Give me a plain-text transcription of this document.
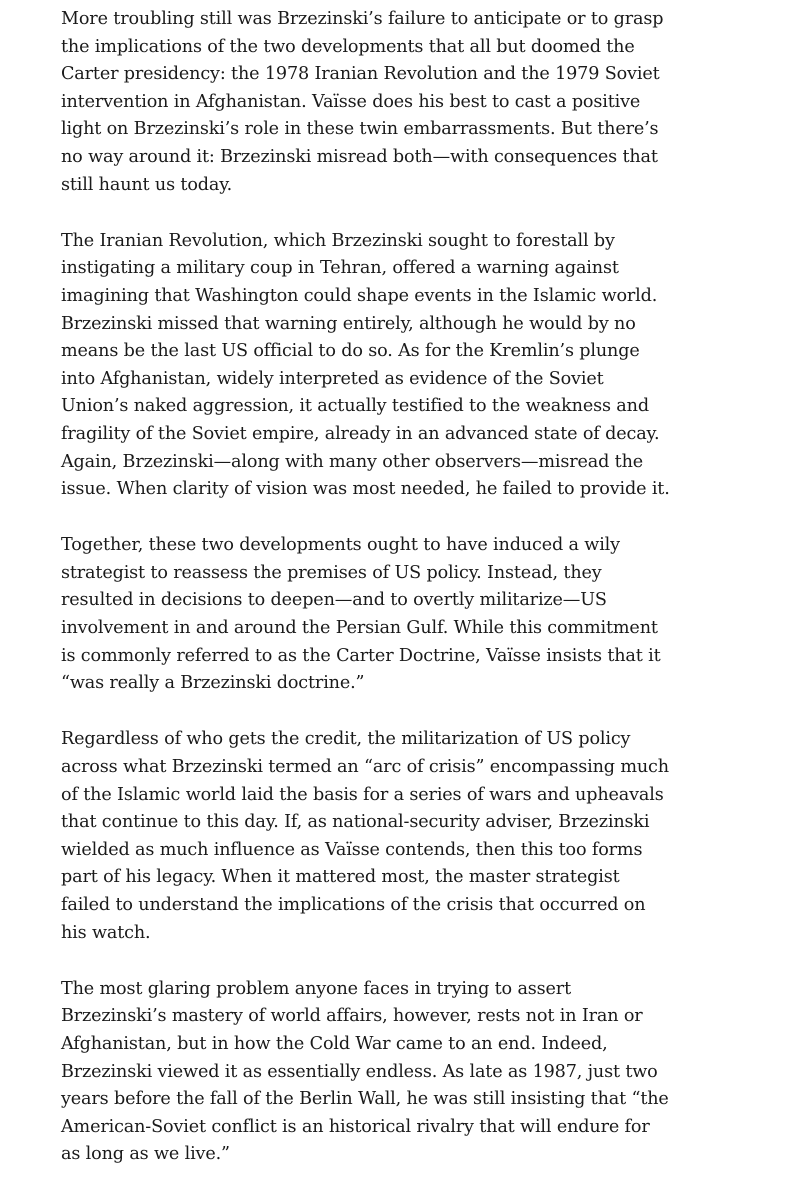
More troubling still was Brzezinski’s failure to anticipate or to grasp the implications of the two developments that all but doomed the Carter presidency: the 1978 Iranian Revolution and the 1979 Soviet intervention in Afghanistan. Vaïsse does his best to cast a positive light on Brzezinski’s role in these twin embarrassments. But there’s no way around it: Brzezinski misread both—with consequences that still haunt us today.

The Iranian Revolution, which Brzezinski sought to forestall by instigating a military coup in Tehran, offered a warning against imagining that Washington could shape events in the Islamic world. Brzezinski missed that warning entirely, although he would by no means be the last US official to do so. As for the Kremlin’s plunge into Afghanistan, widely interpreted as evidence of the Soviet Union’s naked aggression, it actually testified to the weakness and fragility of the Soviet empire, already in an advanced state of decay. Again, Brzezinski—along with many other observers—misread the issue. When clarity of vision was most needed, he failed to provide it.

Together, these two developments ought to have induced a wily strategist to reassess the premises of US policy. Instead, they resulted in decisions to deepen—and to overtly militarize—US involvement in and around the Persian Gulf. While this commitment is commonly referred to as the Carter Doctrine, Vaïsse insists that it “was really a Brzezinski doctrine.”

Regardless of who gets the credit, the militarization of US policy across what Brzezinski termed an “arc of crisis” encompassing much of the Islamic world laid the basis for a series of wars and upheavals that continue to this day. If, as national-security adviser, Brzezinski wielded as much influence as Vaïsse contends, then this too forms part of his legacy. When it mattered most, the master strategist failed to understand the implications of the crisis that occurred on his watch.

The most glaring problem anyone faces in trying to assert Brzezinski’s mastery of world affairs, however, rests not in Iran or Afghanistan, but in how the Cold War came to an end. Indeed, Brzezinski viewed it as essentially endless. As late as 1987, just two years before the fall of the Berlin Wall, he was still insisting that “the American-Soviet conflict is an historical rivalry that will endure for as long as we live.”
